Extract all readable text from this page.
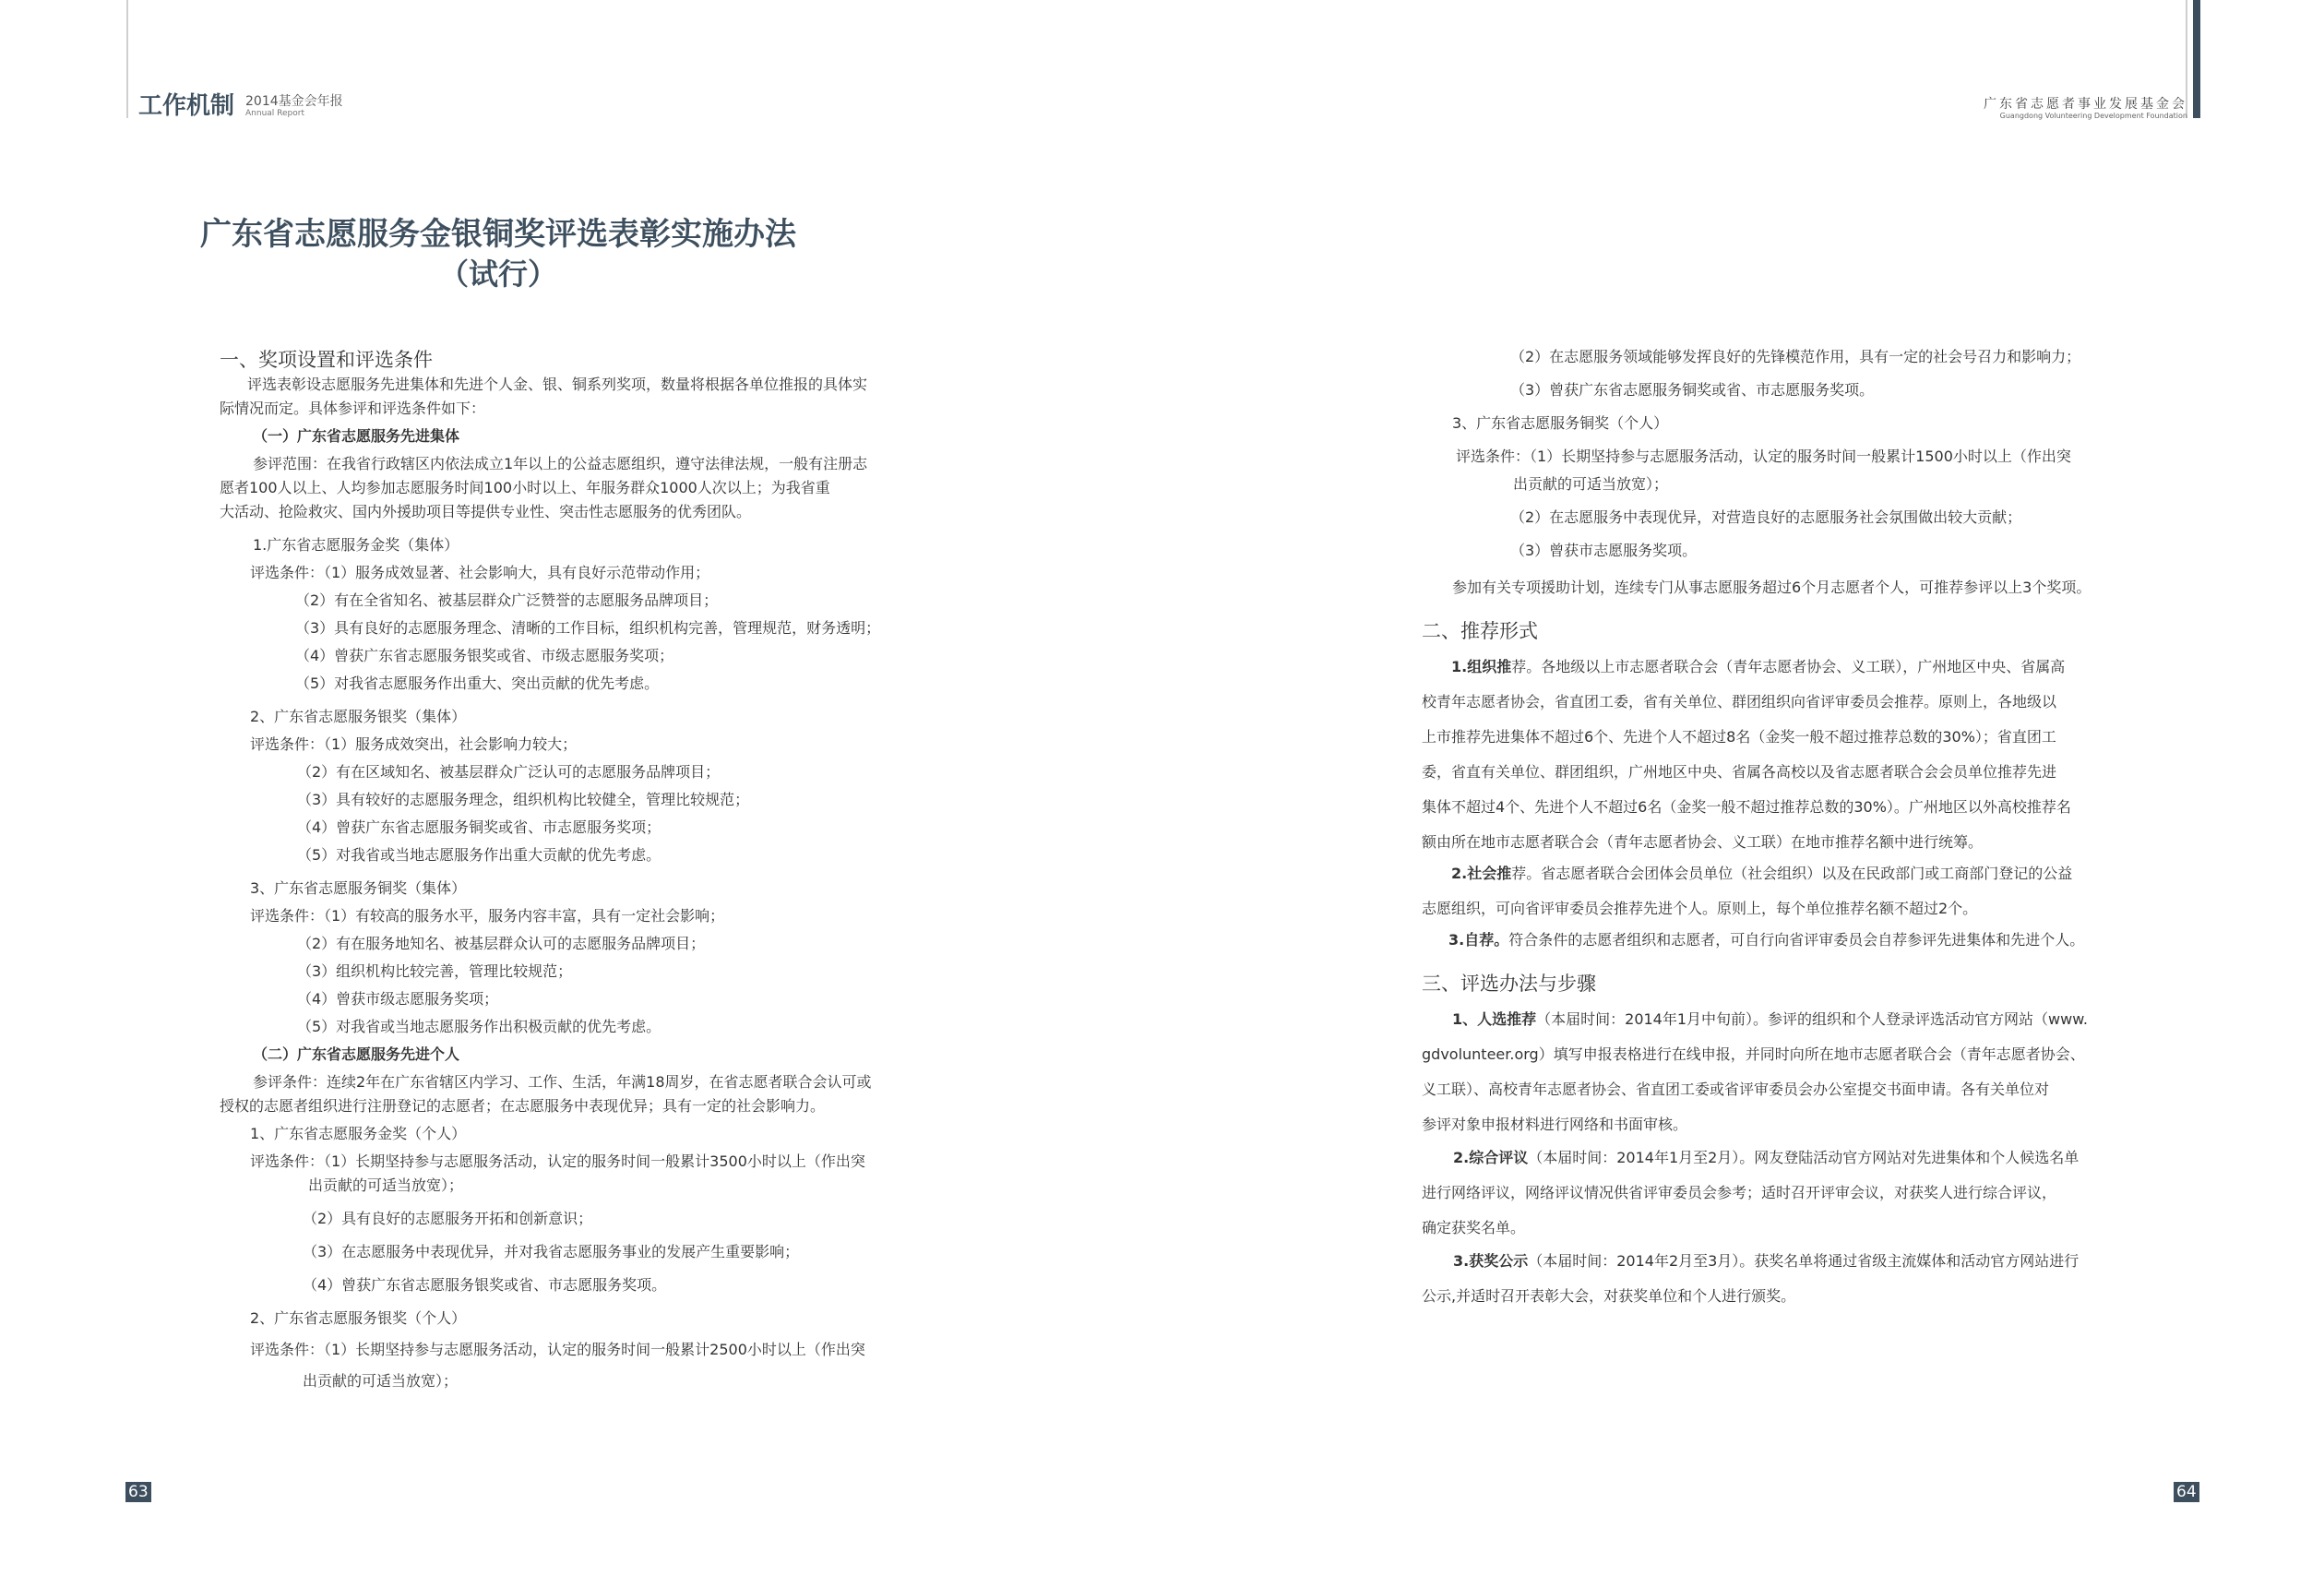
工作机制 2014基金会年报
Annual Report
广东省志愿者事业发展基金会
Guangdong Volunteering Development Foundation
广东省志愿服务金银铜奖评选表彰实施办法
（试行）
一、奖项设置和评选条件
评选表彰设志愿服务先进集体和先进个人金、银、铜系列奖项，数量将根据各单位推报的具体实
际情况而定。具体参评和评选条件如下：
（一）广东省志愿服务先进集体
参评范围：在我省行政辖区内依法成立1年以上的公益志愿组织，遵守法律法规，一般有注册志
愿者100人以上、人均参加志愿服务时间100小时以上、年服务群众1000人次以上；为我省重
大活动、抢险救灾、国内外援助项目等提供专业性、突击性志愿服务的优秀团队。
1.广东省志愿服务金奖（集体）
评选条件：（1）服务成效显著、社会影响大，具有良好示范带动作用；
（2）有在全省知名、被基层群众广泛赞誉的志愿服务品牌项目；
（3）具有良好的志愿服务理念、清晰的工作目标，组织机构完善，管理规范，财务透明；
（4）曾获广东省志愿服务银奖或省、市级志愿服务奖项；
（5）对我省志愿服务作出重大、突出贡献的优先考虑。
2、广东省志愿服务银奖（集体）
评选条件：（1）服务成效突出，社会影响力较大；
（2）有在区域知名、被基层群众广泛认可的志愿服务品牌项目；
（3）具有较好的志愿服务理念，组织机构比较健全，管理比较规范；
（4）曾获广东省志愿服务铜奖或省、市志愿服务奖项；
（5）对我省或当地志愿服务作出重大贡献的优先考虑。
3、广东省志愿服务铜奖（集体）
评选条件：（1）有较高的服务水平，服务内容丰富，具有一定社会影响；
（2）有在服务地知名、被基层群众认可的志愿服务品牌项目；
（3）组织机构比较完善，管理比较规范；
（4）曾获市级志愿服务奖项；
（5）对我省或当地志愿服务作出积极贡献的优先考虑。
（二）广东省志愿服务先进个人
参评条件：连续2年在广东省辖区内学习、工作、生活，年满18周岁，在省志愿者联合会认可或
授权的志愿者组织进行注册登记的志愿者；在志愿服务中表现优异；具有一定的社会影响力。
1、广东省志愿服务金奖（个人）
评选条件：（1）长期坚持参与志愿服务活动，认定的服务时间一般累计3500小时以上（作出突
出贡献的可适当放宽）；
（2）具有良好的志愿服务开拓和创新意识；
（3）在志愿服务中表现优异，并对我省志愿服务事业的发展产生重要影响；
（4）曾获广东省志愿服务银奖或省、市志愿服务奖项。
2、广东省志愿服务银奖（个人）
评选条件：（1）长期坚持参与志愿服务活动，认定的服务时间一般累计2500小时以上（作出突
出贡献的可适当放宽）；
（2）在志愿服务领域能够发挥良好的先锋模范作用，具有一定的社会号召力和影响力；
（3）曾获广东省志愿服务铜奖或省、市志愿服务奖项。
3、广东省志愿服务铜奖（个人）
评选条件：（1）长期坚持参与志愿服务活动，认定的服务时间一般累计1500小时以上（作出突
出贡献的可适当放宽）；
（2）在志愿服务中表现优异，对营造良好的志愿服务社会氛围做出较大贡献；
（3）曾获市志愿服务奖项。
参加有关专项援助计划，连续专门从事志愿服务超过6个月志愿者个人，可推荐参评以上3个奖项。
二、推荐形式
1.组织推荐。各地级以上市志愿者联合会（青年志愿者协会、义工联），广州地区中央、省属高
校青年志愿者协会，省直团工委，省有关单位、群团组织向省评审委员会推荐。原则上，各地级以
上市推荐先进集体不超过6个、先进个人不超过8名（金奖一般不超过推荐总数的30%）；省直团工
委，省直有关单位、群团组织，广州地区中央、省属各高校以及省志愿者联合会会员单位推荐先进
集体不超过4个、先进个人不超过6名（金奖一般不超过推荐总数的30%）。广州地区以外高校推荐名
额由所在地市志愿者联合会（青年志愿者协会、义工联）在地市推荐名额中进行统筹。
2.社会推荐。省志愿者联合会团体会员单位（社会组织）以及在民政部门或工商部门登记的公益
志愿组织，可向省评审委员会推荐先进个人。原则上，每个单位推荐名额不超过2个。
3.自荐。符合条件的志愿者组织和志愿者，可自行向省评审委员会自荐参评先进集体和先进个人。
三、评选办法与步骤
1、人选推荐（本届时间：2014年1月中旬前）。参评的组织和个人登录评选活动官方网站（www.
gdvolunteer.org）填写申报表格进行在线申报，并同时向所在地市志愿者联合会（青年志愿者协会、
义工联）、高校青年志愿者协会、省直团工委或省评审委员会办公室提交书面申请。各有关单位对
参评对象申报材料进行网络和书面审核。
2.综合评议（本届时间：2014年1月至2月）。网友登陆活动官方网站对先进集体和个人候选名单
进行网络评议，网络评议情况供省评审委员会参考；适时召开评审会议，对获奖人进行综合评议，
确定获奖名单。
3.获奖公示（本届时间：2014年2月至3月）。获奖名单将通过省级主流媒体和活动官方网站进行
公示,并适时召开表彰大会，对获奖单位和个人进行颁奖。
63	64
